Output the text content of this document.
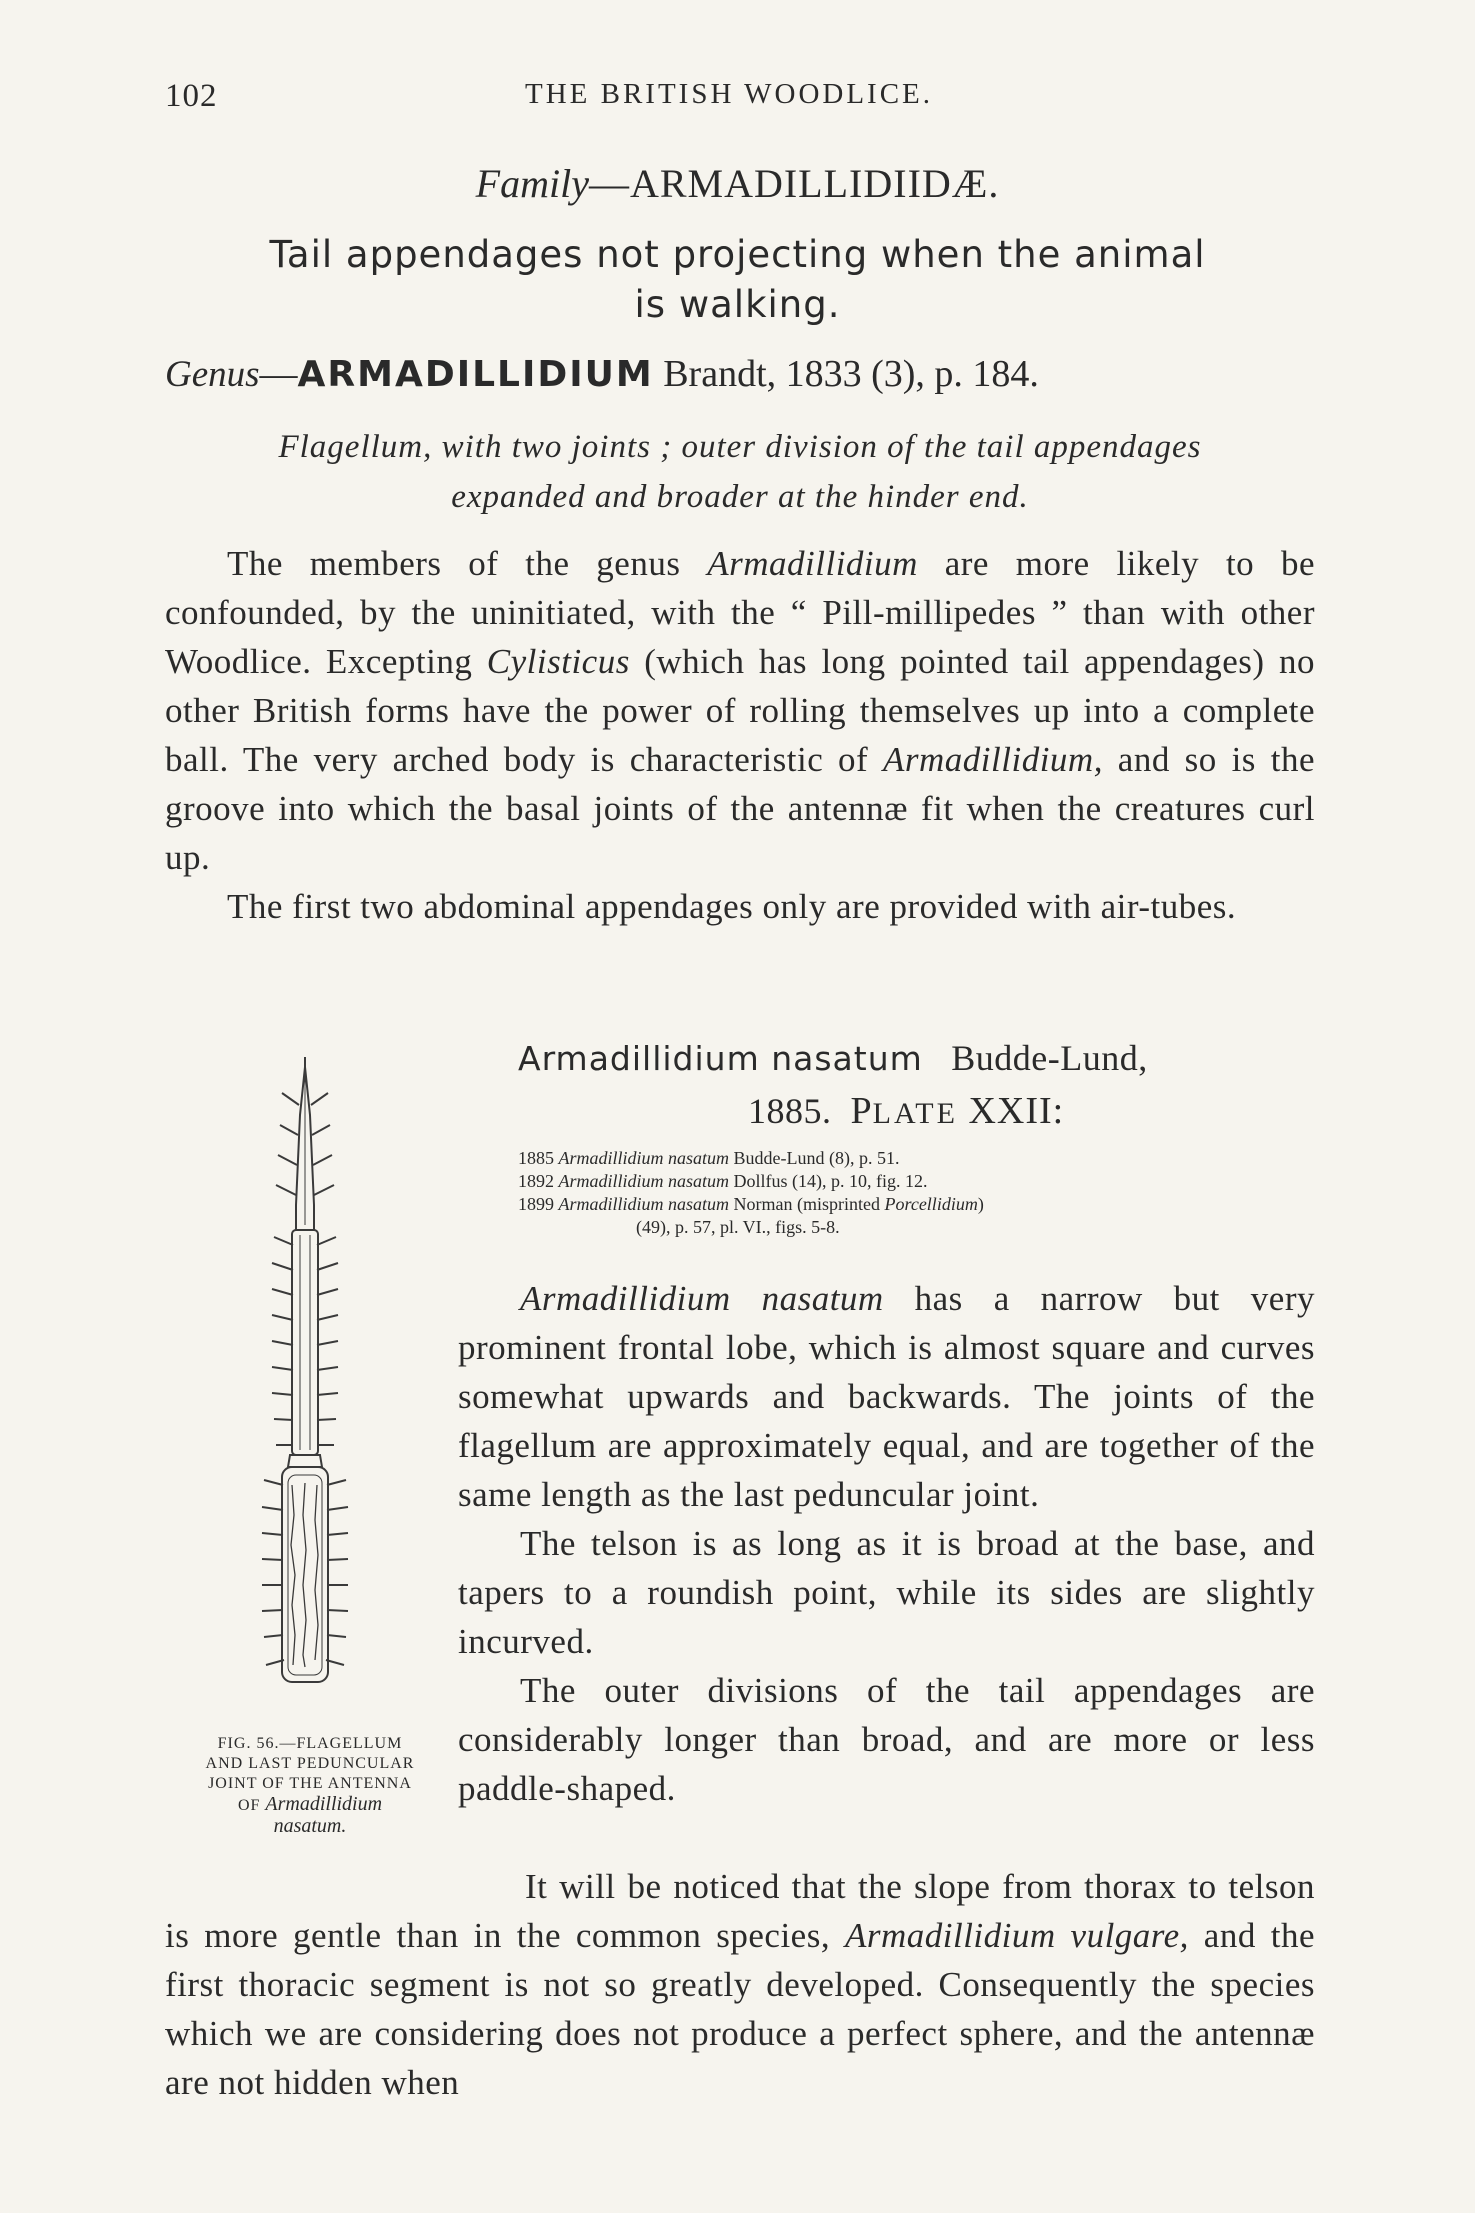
102	THE BRITISH WOODLICE.
Family—ARMADILLIDIIDÆ.
Tail appendages not projecting when the animal
is walking.
Genus—ARMADILLIDIUM Brandt, 1833 (3), p. 184.
Flagellum, with two joints ; outer division of the tail appendages
expanded and broader at the hinder end.

The members of the genus Armadillidium are more likely to be confounded, by the uninitiated, with the “ Pill-millipedes ” than with other Woodlice. Excepting Cylisticus (which has long pointed tail appendages) no other British forms have the power of rolling themselves up into a complete ball. The very arched body is characteristic of Armadillidium, and so is the groove into which the basal joints of the antennæ fit when the creatures curl up.

The first two abdominal appendages only are provided with air-tubes.

Armadillidium nasatum Budde-Lund,
1885. PLATE XXII:
1885 Armadillidium nasatum Budde-Lund (8), p. 51.
1892 Armadillidium nasatum Dollfus (14), p. 10, fig. 12.
1899 Armadillidium nasatum Norman (misprinted Porcellidium)
(49), p. 57, pl. VI., figs. 5-8.

Armadillidium nasatum has a narrow but very prominent frontal lobe, which is almost square and curves somewhat upwards and backwards. The joints of the flagellum are approximately equal, and are together of the same length as the last peduncular joint.

The telson is as long as it is broad at the base, and tapers to a roundish point, while its sides are slightly incurved.

The outer divisions of the tail appendages are considerably longer than broad, and are more or less paddle-shaped.

It will be noticed that the slope from thorax to telson is more gentle than in the common species, Armadillidium vulgare, and the first thoracic segment is not so greatly developed. Consequently the species which we are considering does not produce a perfect sphere, and the antennæ are not hidden when

FIG. 56.—FLAGELLUM
AND LAST PEDUNCULAR
JOINT OF THE ANTENNA
OF Armadillidium
nasatum.
